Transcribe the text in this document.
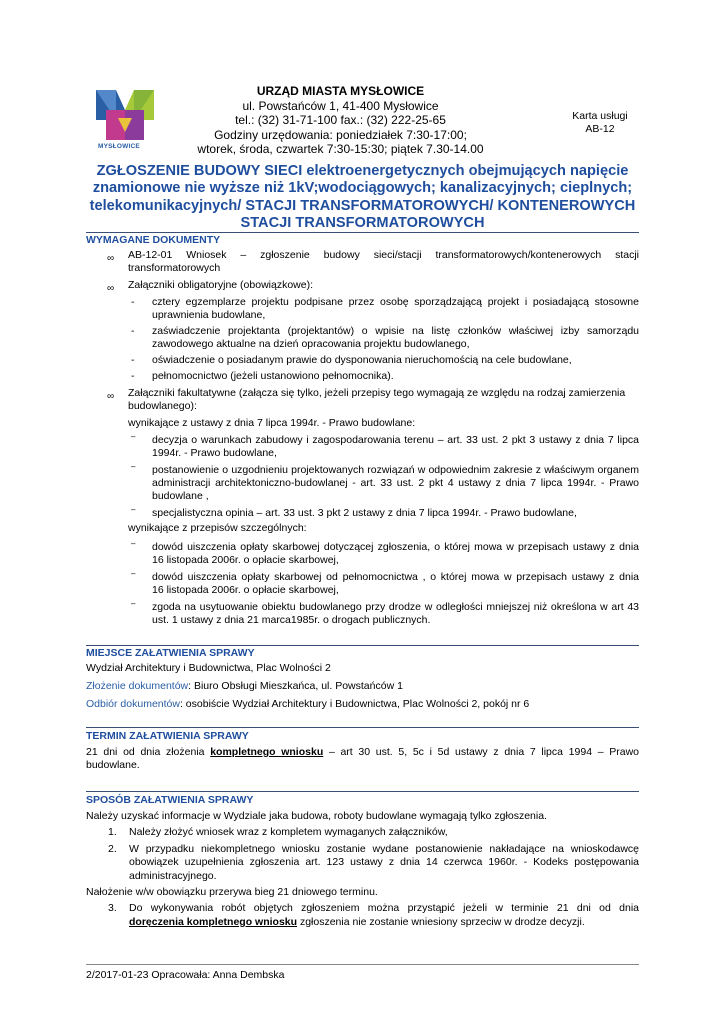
MYSŁOWICE
URZĄD MIASTA MYSŁOWICE
ul. Powstańców 1, 41-400 Mysłowice
tel.: (32) 31-71-100 fax.: (32) 222-25-65
Godziny urzędowania: poniedziałek 7:30-17:00;
wtorek, środa, czwartek 7:30-15:30; piątek 7.30-14.00
Karta usługi
AB-12
ZGŁOSZENIE BUDOWY SIECI elektroenergetycznych obejmujących napięcie
znamionowe nie wyższe niż 1kV;wodociągowych; kanalizacyjnych; cieplnych;
telekomunikacyjnych/ STACJI TRANSFORMATOROWYCH/ KONTENEROWYCH
STACJI TRANSFORMATOROWYCH
WYMAGANE DOKUMENTY
∞ AB-12-01 Wniosek – zgłoszenie budowy sieci/stacji transformatorowych/kontenerowych stacji
transformatorowych
∞ Załączniki obligatoryjne (obowiązkowe):
- cztery egzemplarze projektu podpisane przez osobę sporządzającą projekt i posiadającą stosowne
uprawnienia budowlane,
- zaświadczenie projektanta (projektantów) o wpisie na listę członków właściwej izby samorządu
zawodowego aktualne na dzień opracowania projektu budowlanego,
- oświadczenie o posiadanym prawie do dysponowania nieruchomością na cele budowlane,
- pełnomocnictwo (jeżeli ustanowiono pełnomocnika).
∞ Załączniki fakultatywne (załącza się tylko, jeżeli przepisy tego wymagają ze względu na rodzaj zamierzenia
budowlanego):
wynikające z ustawy z dnia 7 lipca 1994r. - Prawo budowlane:
– decyzja o warunkach zabudowy i zagospodarowania terenu – art. 33 ust. 2 pkt 3 ustawy z dnia 7 lipca
1994r. - Prawo budowlane,
– postanowienie o uzgodnieniu projektowanych rozwiązań w odpowiednim zakresie z właściwym organem
administracji architektoniczno-budowlanej - art. 33 ust. 2 pkt 4 ustawy z dnia 7 lipca 1994r. - Prawo
budowlane ,
– specjalistyczna opinia – art. 33 ust. 3 pkt 2 ustawy z dnia 7 lipca 1994r. - Prawo budowlane,
wynikające z przepisów szczególnych:
– dowód uiszczenia opłaty skarbowej dotyczącej zgłoszenia, o której mowa w przepisach ustawy z dnia
16 listopada 2006r. o opłacie skarbowej,
– dowód uiszczenia opłaty skarbowej od pełnomocnictwa , o której mowa w przepisach ustawy z dnia
16 listopada 2006r. o opłacie skarbowej,
– zgoda na usytuowanie obiektu budowlanego przy drodze w odległości mniejszej niż określona w art 43
ust. 1 ustawy z dnia 21 marca1985r. o drogach publicznych.
MIEJSCE ZAŁATWIENIA SPRAWY
Wydział Architektury i Budownictwa, Plac Wolności 2
Złożenie dokumentów: Biuro Obsługi Mieszkańca, ul. Powstańców 1
Odbiór dokumentów: osobiście Wydział Architektury i Budownictwa, Plac Wolności 2, pokój nr 6
TERMIN ZAŁATWIENIA SPRAWY
21 dni od dnia złożenia kompletnego wniosku – art 30 ust. 5, 5c i 5d ustawy z dnia 7 lipca 1994 – Prawo
budowlane.
SPOSÓB ZAŁATWIENIA SPRAWY
Należy uzyskać informacje w Wydziale jaka budowa, roboty budowlane wymagają tylko zgłoszenia.
1. Należy złożyć wniosek wraz z kompletem wymaganych załączników,
2. W przypadku niekompletnego wniosku zostanie wydane postanowienie nakładające na wnioskodawcę
obowiązek uzupełnienia zgłoszenia art. 123 ustawy z dnia 14 czerwca 1960r. - Kodeks postępowania
administracyjnego.
Nałożenie w/w obowiązku przerywa bieg 21 dniowego terminu.
3. Do wykonywania robót objętych zgłoszeniem można przystąpić jeżeli w terminie 21 dni od dnia
doręczenia kompletnego wniosku zgłoszenia nie zostanie wniesiony sprzeciw w drodze decyzji.
2/2017-01-23 Opracowała: Anna Dembska
